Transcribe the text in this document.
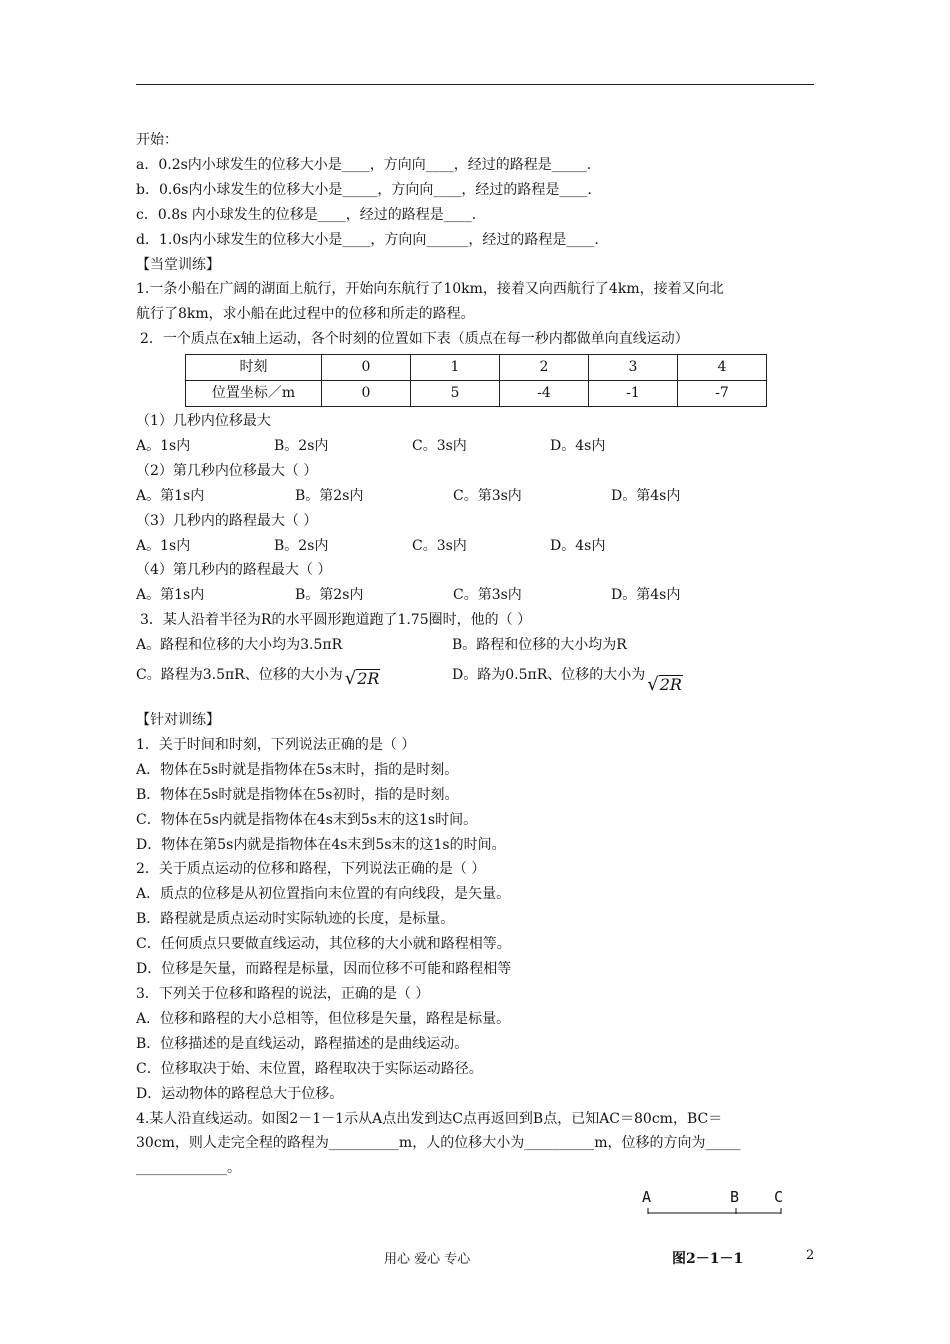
开始：
a．0.2s内小球发生的位移大小是____，方向向____，经过的路程是_____.
b．0.6s内小球发生的位移大小是_____，方向向____，经过的路程是____.
c．0.8s 内小球发生的位移是____，经过的路程是____.
d．1.0s内小球发生的位移大小是____，方向向______，经过的路程是____.
【当堂训练】
1.一条小船在广阔的湖面上航行，开始向东航行了10km，接着又向西航行了4km，接着又向北
航行了8km，求小船在此过程中的位移和所走的路程。
2．一个质点在x轴上运动，各个时刻的位置如下表（质点在每一秒内都做单向直线运动）
时刻	0	1	2	3	4
位置坐标／m	0	5	-4	-1	-7
（1）几秒内位移最大
A。1s内	B。2s内	C。3s内	D。4s内
（2）第几秒内位移最大（ ）
A。第1s内	B。第2s内	C。第3s内	D。第4s内
（3）几秒内的路程最大（ ）
A。1s内	B。2s内	C。3s内	D。4s内
（4）第几秒内的路程最大（ ）
A。第1s内	B。第2s内	C。第3s内	D。第4s内
3．某人沿着半径为R的水平圆形跑道跑了1.75圈时，他的（ ）
A。路程和位移的大小均为3.5πR	B。路程和位移的大小均为R
C。路程为3.5πR、位移的大小为 √2R	D。路为0.5πR、位移的大小为 √2R
【针对训练】
1．关于时间和时刻，下列说法正确的是（ ）
A．物体在5s时就是指物体在5s末时，指的是时刻。
B．物体在5s时就是指物体在5s初时，指的是时刻。
C．物体在5s内就是指物体在4s末到5s末的这1s时间。
D．物体在第5s内就是指物体在4s末到5s末的这1s的时间。
2．关于质点运动的位移和路程，下列说法正确的是（ ）
A．质点的位移是从初位置指向末位置的有向线段，是矢量。
B．路程就是质点运动时实际轨迹的长度，是标量。
C．任何质点只要做直线运动，其位移的大小就和路程相等。
D．位移是矢量，而路程是标量，因而位移不可能和路程相等
3．下列关于位移和路程的说法，正确的是（ ）
A．位移和路程的大小总相等，但位移是矢量，路程是标量。
B．位移描述的是直线运动，路程描述的是曲线运动。
C．位移取决于始、末位置，路程取决于实际运动路径。
D．运动物体的路程总大于位移。
4.某人沿直线运动。如图2－1－1示从A点出发到达C点再返回到B点，已知AC＝80cm，BC＝
30cm，则人走完全程的路程为__________m，人的位移大小为__________m，位移的方向为_____
_____________。
A	B C
用心 爱心 专心	图2－1－1	2
